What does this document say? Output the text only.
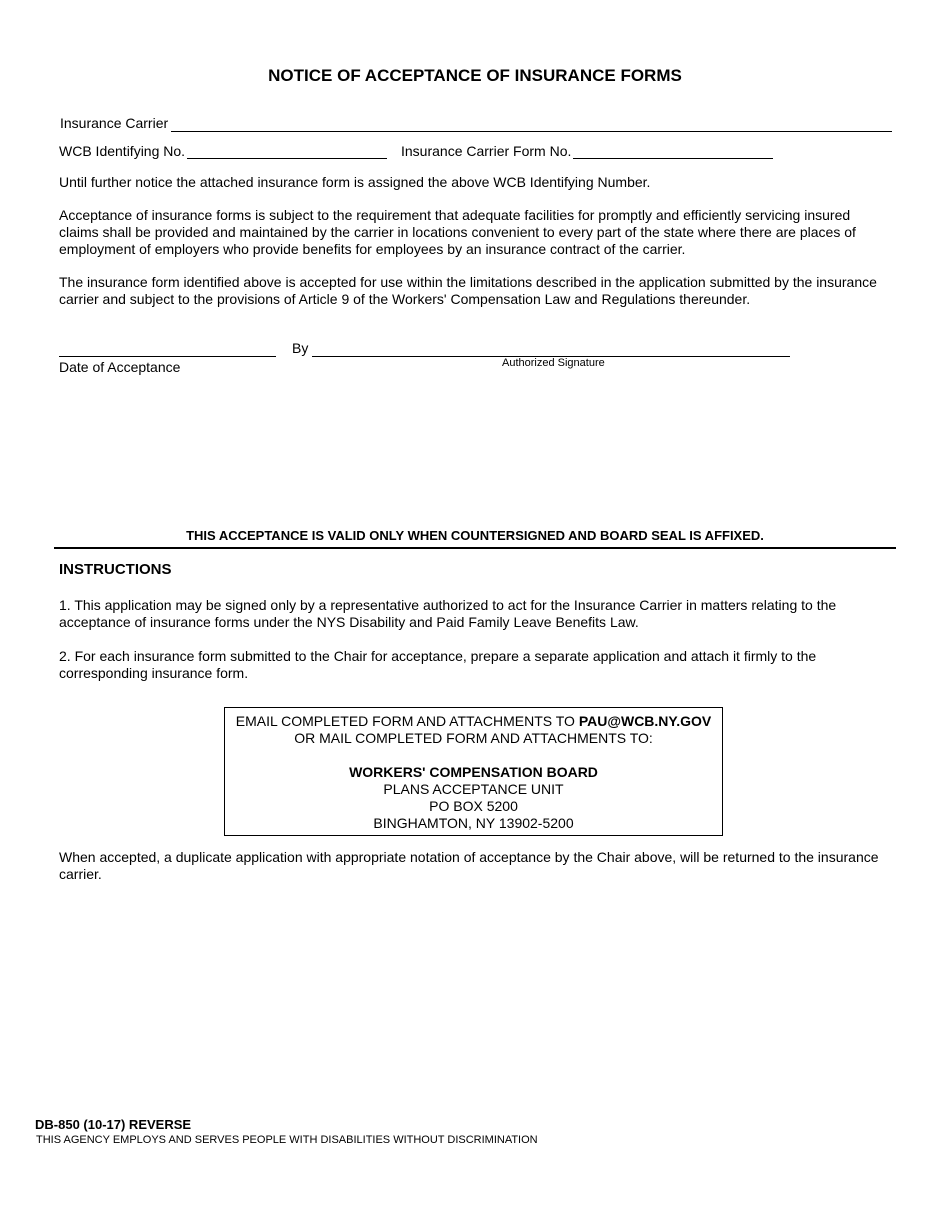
NOTICE OF ACCEPTANCE OF INSURANCE FORMS
Insurance Carrier
WCB Identifying No.	Insurance Carrier Form No.
Until further notice the attached insurance form is assigned the above WCB Identifying Number.
Acceptance of insurance forms is subject to the requirement that adequate facilities for promptly and efficiently servicing insured claims shall be provided and maintained by the carrier in locations convenient to every part of the state where there are places of employment of employers who provide benefits for employees by an insurance contract of the carrier.
The insurance form identified above is accepted for use within the limitations described in the application submitted by the insurance carrier and subject to the provisions of Article 9 of the Workers' Compensation Law and Regulations thereunder.
Date of Acceptance
By
Authorized Signature
THIS ACCEPTANCE IS VALID ONLY WHEN COUNTERSIGNED AND BOARD SEAL IS AFFIXED.
INSTRUCTIONS
1. This application may be signed only by a representative authorized to act for the Insurance Carrier in matters relating to the acceptance of insurance forms under the NYS Disability and Paid Family Leave Benefits Law.
2. For each insurance form submitted to the Chair for acceptance, prepare a separate application and attach it firmly to the corresponding insurance form.
EMAIL COMPLETED FORM AND ATTACHMENTS TO PAU@WCB.NY.GOV
OR MAIL COMPLETED FORM AND ATTACHMENTS TO:
WORKERS' COMPENSATION BOARD
PLANS ACCEPTANCE UNIT
PO BOX 5200
BINGHAMTON, NY 13902-5200
When accepted, a duplicate application with appropriate notation of acceptance by the Chair above, will be returned to the insurance carrier.
DB-850 (10-17) REVERSE
THIS AGENCY EMPLOYS AND SERVES PEOPLE WITH DISABILITIES WITHOUT DISCRIMINATION
